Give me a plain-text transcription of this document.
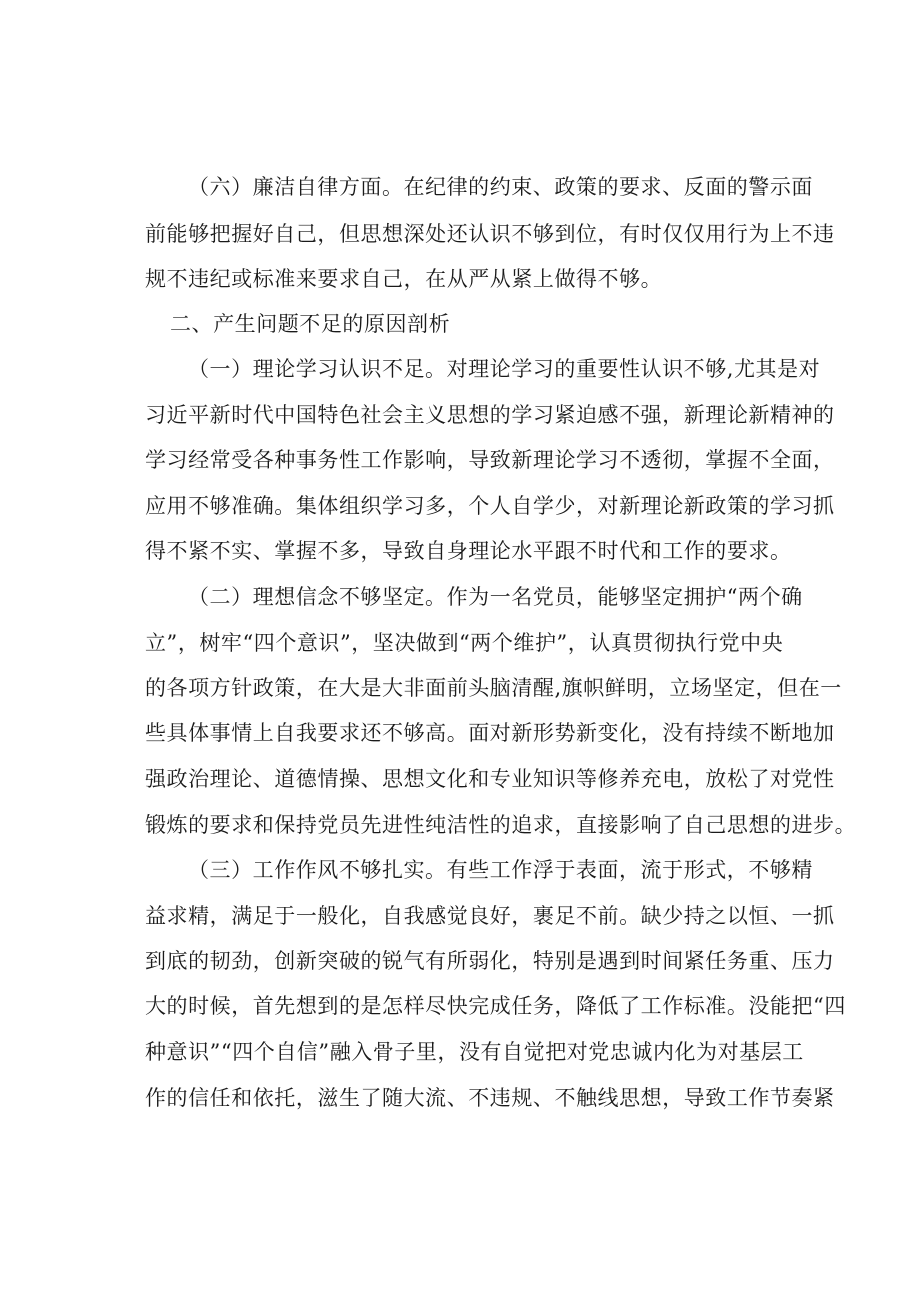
（六）廉洁自律方面。在纪律的约束、政策的要求、反面的警示面
前能够把握好自己，但思想深处还认识不够到位，有时仅仅用行为上不违
规不违纪或标准来要求自己，在从严从紧上做得不够。
二、产生问题不足的原因剖析
（一）理论学习认识不足。对理论学习的重要性认识不够,尤其是对
习近平新时代中国特色社会主义思想的学习紧迫感不强，新理论新精神的
学习经常受各种事务性工作影响，导致新理论学习不透彻，掌握不全面，
应用不够准确。集体组织学习多，个人自学少，对新理论新政策的学习抓
得不紧不实、掌握不多，导致自身理论水平跟不时代和工作的要求。
（二）理想信念不够坚定。作为一名党员，能够坚定拥护“两个确
立”，树牢“四个意识”，坚决做到“两个维护”，认真贯彻执行党中央
的各项方针政策，在大是大非面前头脑清醒,旗帜鲜明，立场坚定，但在一
些具体事情上自我要求还不够高。面对新形势新变化，没有持续不断地加
强政治理论、道德情操、思想文化和专业知识等修养充电，放松了对党性
锻炼的要求和保持党员先进性纯洁性的追求，直接影响了自己思想的进步。
（三）工作作风不够扎实。有些工作浮于表面，流于形式，不够精
益求精，满足于一般化，自我感觉良好，裹足不前。缺少持之以恒、一抓
到底的韧劲，创新突破的锐气有所弱化，特别是遇到时间紧任务重、压力
大的时候，首先想到的是怎样尽快完成任务，降低了工作标准。没能把“四
种意识”“四个自信”融入骨子里，没有自觉把对党忠诚内化为对基层工
作的信任和依托，滋生了随大流、不违规、不触线思想，导致工作节奏紧
